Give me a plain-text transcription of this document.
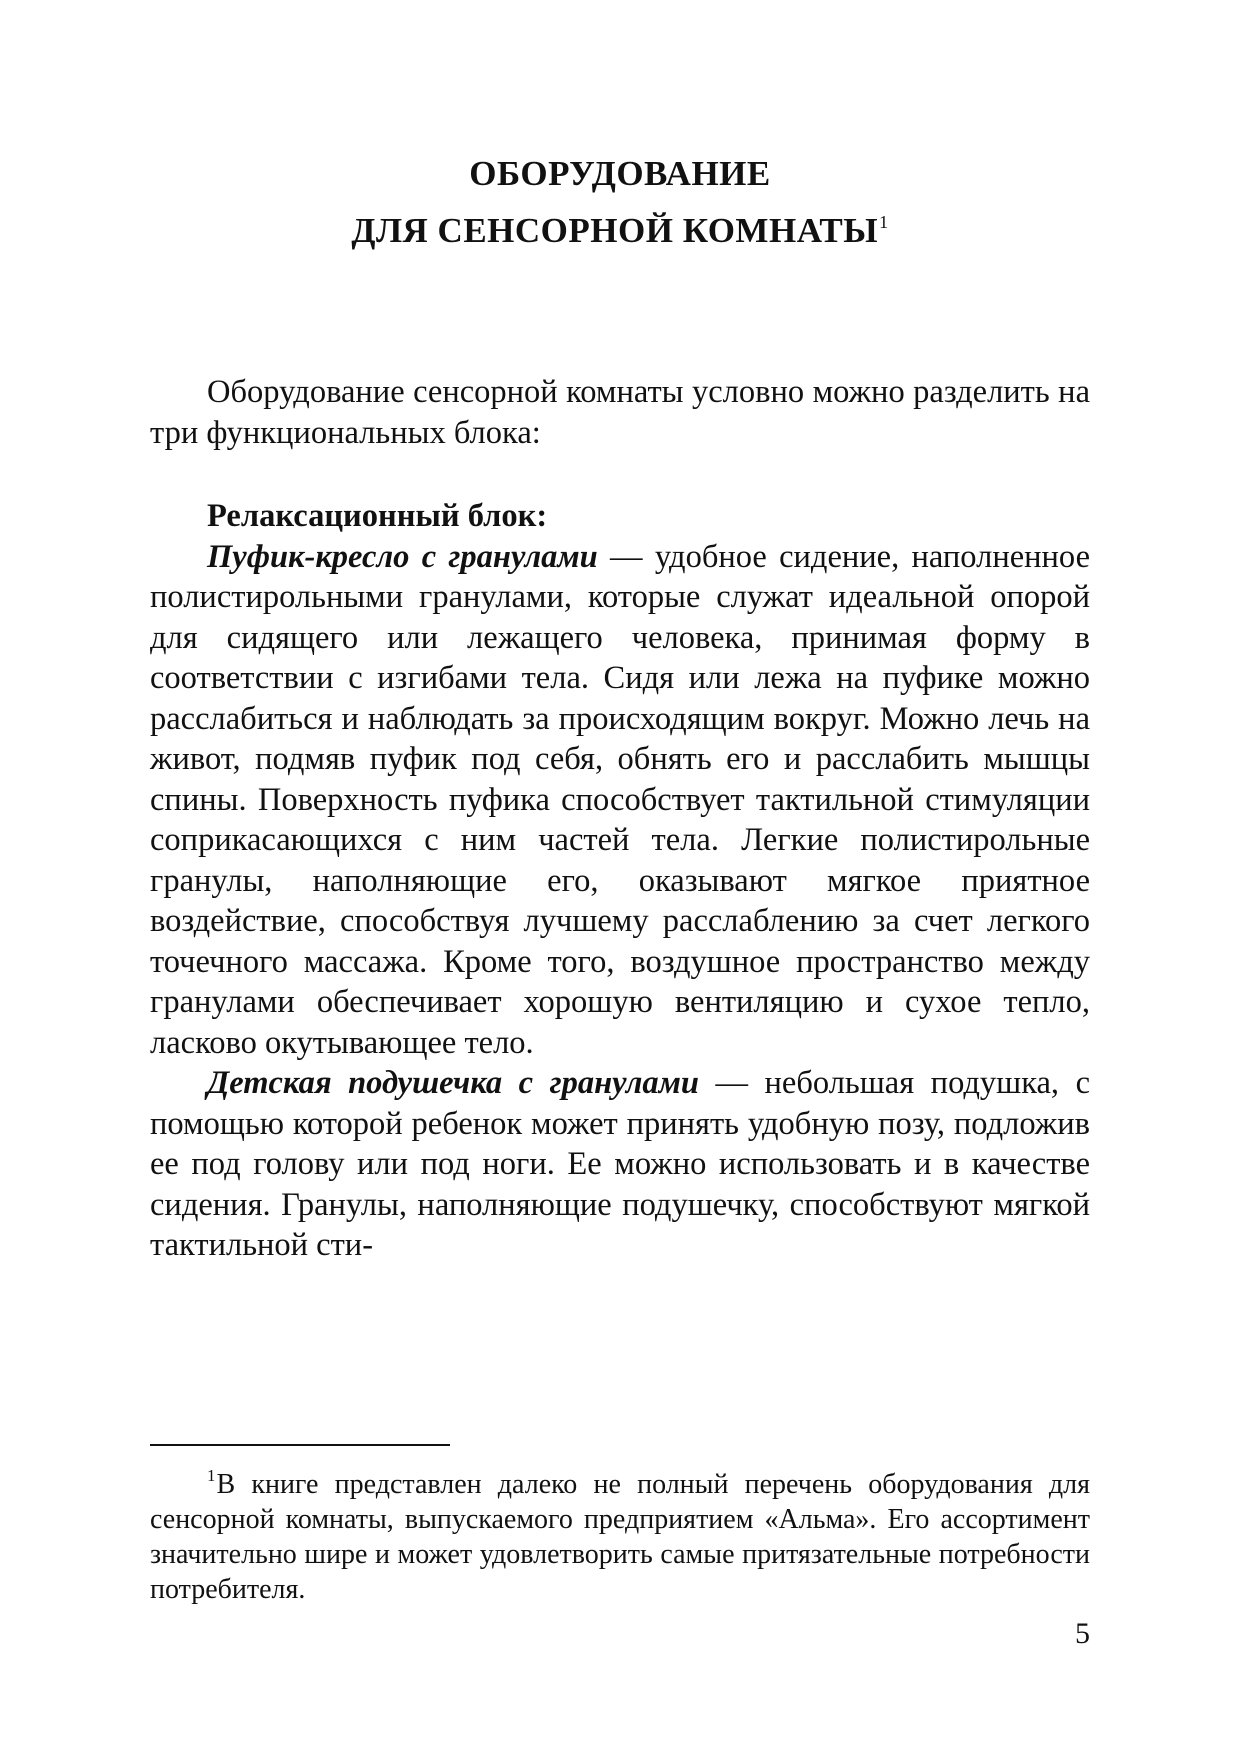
ОБОРУДОВАНИЕ
ДЛЯ СЕНСОРНОЙ КОМНАТЫ$^1$

Оборудование сенсорной комнаты условно можно разделить на три функциональных блока:

Релаксационный блок:

Пуфик-кресло с гранулами — удобное сидение, наполненное полистирольными гранулами, которые служат идеальной опорой для сидящего или лежащего человека, принимая форму в соответствии с изгибами тела. Сидя или лежа на пуфике можно расслабиться и наблюдать за происходящим вокруг. Можно лечь на живот, подмяв пуфик под себя, обнять его и расслабить мышцы спины. Поверхность пуфика способствует тактильной стимуляции соприкасающихся с ним частей тела. Легкие полистирольные гранулы, наполняющие его, оказывают мягкое приятное воздействие, способствуя лучшему расслаблению за счет легкого точечного массажа. Кроме того, воздушное пространство между гранулами обеспечивает хорошую вентиляцию и сухое тепло, ласково окутывающее тело.

Детская подушечка с гранулами — небольшая подушка, с помощью которой ребенок может принять удобную позу, подложив ее под голову или под ноги. Ее можно использовать и в качестве сидения. Гранулы, наполняющие подушечку, способствуют мягкой тактильной сти-

$^1$В книге представлен далеко не полный перечень оборудования для сенсорной комнаты, выпускаемого предприятием «Альма». Его ассортимент значительно шире и может удовлетворить самые притязательные потребности потребителя.

5
